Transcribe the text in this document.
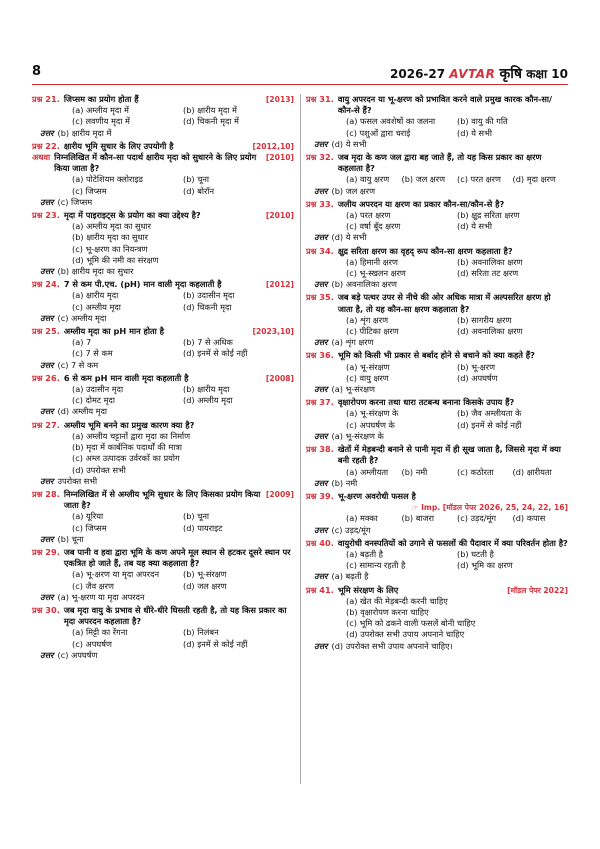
8	2026-27 AVTAR कृषि कक्षा 10
प्रश्न 21. जिप्सम का प्रयोग होता हैं	[2013]
(a) अम्लीय मृदा में	(b) क्षारीय मृदा में
(c) लवणीय मृदा में	(d) चिकनी मृदा में
उत्तर (b) क्षारीय मृदा में
प्रश्न 22. क्षारीय भूमि सुधार के लिए उपयोगी है	[2012,10]
अथवा निम्नलिखित में कौन-सा पदार्थ क्षारीय मृदा को सुधारने के लिए प्रयोग किया जाता है?
[2010]
(a) पोटेशियम क्लोराइड	(b) चूना
(c) जिप्सम	(d) बोरॉन
उत्तर (c) जिप्सम
प्रश्न 23. मृदा में पाइराइट्स के प्रयोग का क्या उद्देश्य है?	[2010]
(a) अम्लीय मृदा का सुधार
(b) क्षारीय मृदा का सुधार
(c) भू-क्षरण का नियन्त्रण
(d) भूमि की नमी का संरक्षण
उत्तर (b) क्षारीय मृदा का सुधार
प्रश्न 24. 7 से कम पी.एच. (pH) मान वाली मृदा कहलाती है	[2012]
(a) क्षारीय मृदा	(b) उदासीन मृदा
(c) अम्लीय मृदा	(d) चिकनी मृदा
उत्तर (c) अम्लीय मृदा
प्रश्न 25. अम्लीय मृदा का pH मान होता है	[2023,10]
(a) 7	(b) 7 से अधिक
(c) 7 से कम	(d) इनमें से कोई नहीं
उत्तर (c) 7 से कम
प्रश्न 26. 6 से कम pH मान वाली मृदा कहलाती है	[2008]
(a) उदासीन मृदा	(b) क्षारीय मृदा
(c) दोमट मृदा	(d) अम्लीय मृदा
उत्तर (d) अम्लीय मृदा
प्रश्न 27. अम्लीय भूमि बनने का प्रमुख कारण क्या है?
(a) अम्लीय चट्टानों द्वारा मृदा का निर्माण
(b) मृदा में कार्बनिक पदार्थों की मात्रा
(c) अम्ल उत्पादक उर्वरकों का प्रयोग
(d) उपरोक्त सभी
उत्तर उपरोक्त सभी
प्रश्न 28. निम्नलिखित में से अम्लीय भूमि सुधार के लिए किसका प्रयोग किया जाता है?
[2009]
(a) यूरिया	(b) चूना
(c) जिप्सम	(d) पायराइट
उत्तर (b) चूना
प्रश्न 29. जब पानी व हवा द्वारा भूमि के कण अपने मूल स्थान से हटकर दूसरे स्थान पर एकत्रित हो जाते हैं, तब यह क्या कहलाता है?
(a) भू-क्षरण या मृदा अपरदन	(b) भू-संरक्षण
(c) जैव क्षरण	(d) जल क्षरण
उत्तर (a) भू-क्षरण या मृदा अपरदन
प्रश्न 30. जब मृदा वायु के प्रभाव से धीरे-धीरे घिसती रहती है, तो यह किस प्रकार का मृदा अपरदन कहलाता है?
(a) मिट्टी का रेंगना	(b) निलंबन
(c) अपघर्षण	(d) इनमें से कोई नहीं
उत्तर (c) अपघर्षण
प्रश्न 31. वायु अपरदन या भू-क्षरण को प्रभावित करने वाले प्रमुख कारक कौन-सा/कौन-से हैं?
(a) फसल अवशेषों का जलना	(b) वायु की गति
(c) पशुओं द्वारा चराई	(d) ये सभी
उत्तर (d) ये सभी
प्रश्न 32. जब मृदा के कण जल द्वारा बह जाते हैं, तो यह किस प्रकार का क्षरण कहलाता है?
(a) वायु क्षरण	(b) जल क्षरण	(c) परत क्षरण	(d) मृदा क्षरण
उत्तर (b) जल क्षरण
प्रश्न 33. जलीय अपरदन या क्षरण का प्रकार कौन-सा/कौन-से है?
(a) परत क्षरण	(b) क्षुद्र सरिता क्षरण
(c) वर्षा बूँद क्षरण	(d) ये सभी
उत्तर (d) ये सभी
प्रश्न 34. क्षुद्र सरिता क्षरण का वृहद् रूप कौन-सा क्षरण कहलाता है?
(a) हिमानी क्षरण	(b) अवनालिका क्षरण
(c) भू-स्खलन क्षरण	(d) सरिता तट क्षरण
उत्तर (b) अवनालिका क्षरण
प्रश्न 35. जब बड़े पत्थर उपर से नीचे की ओर अधिक मात्रा में अल्पसरित क्षरण हो जाता है, तो यह कौन-सा क्षरण कहलाता है?
(a) शृंग क्षरण	(b) सागरीय क्षरण
(c) पीटिका क्षरण	(d) अवनालिका क्षरण
उत्तर (a) शृंग क्षरण
प्रश्न 36. भूमि को किसी भी प्रकार से बर्बाद होने से बचाने को क्या कहते हैं?
(a) भू-संरक्षण	(b) भू-क्षरण
(c) वायु क्षरण	(d) अपघर्षण
उत्तर (a) भू-संरक्षण
प्रश्न 37. वृक्षारोपण करना तथा धारा तटबन्ध बनाना किसके उपाय हैं?
(a) भू-संरक्षण के	(b) जैव अम्लीयता के
(c) अपघर्षण के	(d) इनमें से कोई नहीं
उत्तर (a) भू-संरक्षण के
प्रश्न 38. खेतों में मेड़बन्दी बनाने से पानी मृदा में ही सूख जाता है, जिससे मृदा में क्या बनी रहती है?
(a) अम्लीयता	(b) नमी	(c) कठोरता	(d) क्षारीयता
उत्तर (b) नमी
प्रश्न 39. भू-क्षरण अवरोधी फसल है
☞ Imp. [मॉडल पेपर 2026, 25, 24, 22, 16]
(a) मक्का	(b) बाजरा	(c) उड़द/मूंग	(d) कपास
उत्तर (c) उड़द/मूंग
प्रश्न 40. वायुरोधी वनस्पतियों को उगाने से फसलों की पैदावार में क्या परिवर्तन होता है?
(a) बढ़ती है	(b) घटती है
(c) सामान्य रहती है	(d) भूमि का क्षरण
उत्तर (a) बढ़ती है
प्रश्न 41. भूमि संरक्षण के लिए	[मॉडल पेपर 2022]
(a) खेत की मेड़बन्दी करनी चाहिए
(b) वृक्षारोपण करना चाहिए
(c) भूमि को ढकने वाली फसलें बोनी चाहिए
(d) उपरोक्त सभी उपाय अपनाने चाहिए
उत्तर (d) उपरोक्त सभी उपाय अपनाने चाहिए।
